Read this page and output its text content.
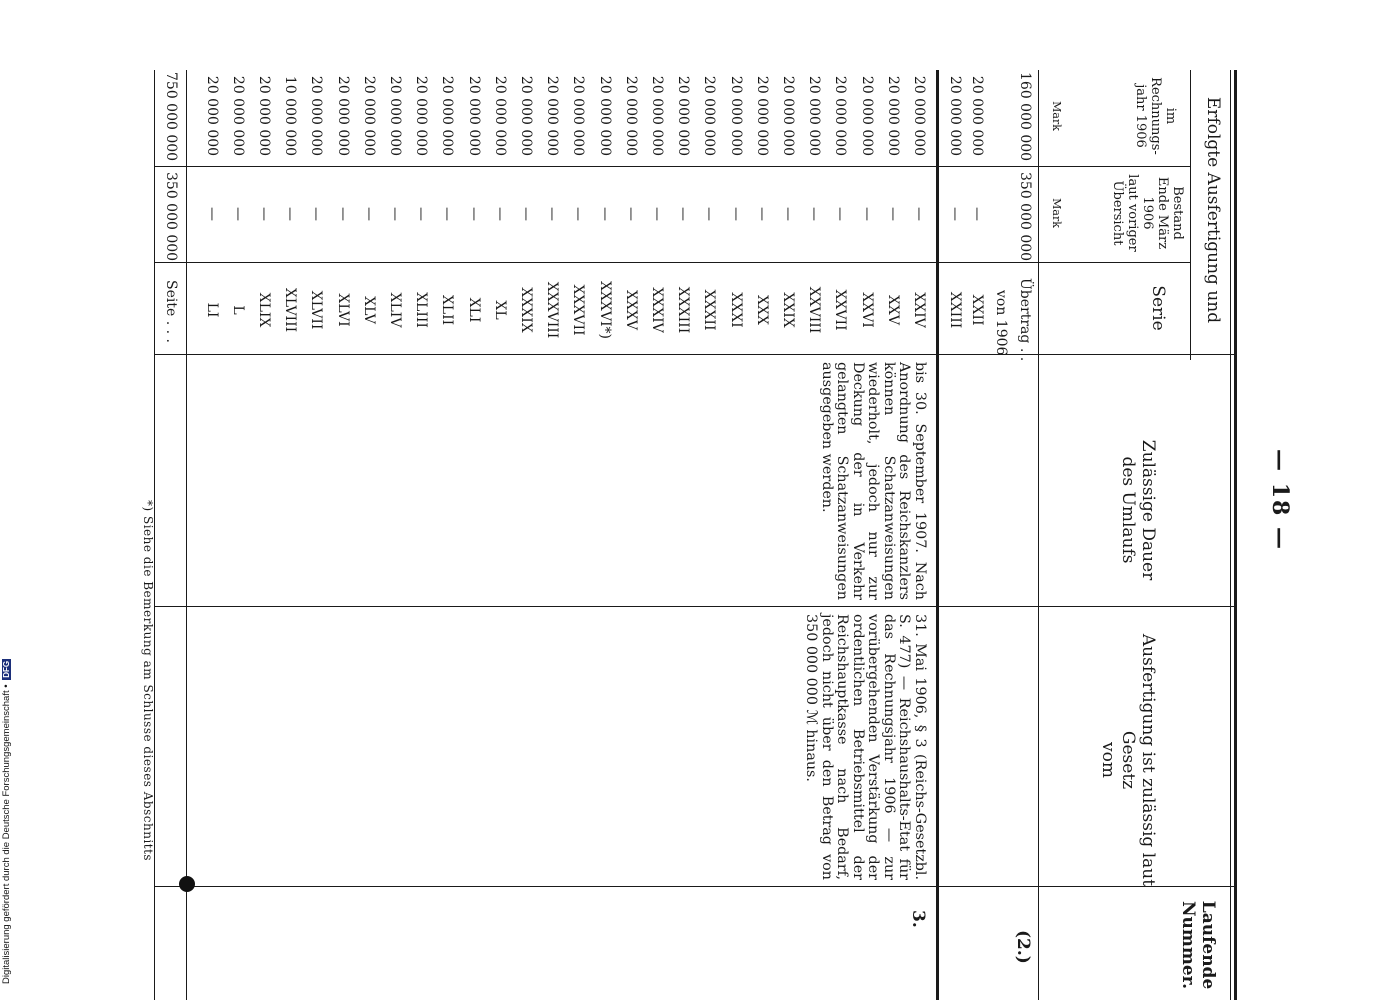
— 18 —
Erfolgte Ausfertigung und
im
Rechnungs-
jahr 1906
Mark
Bestand
Ende März
1906
laut voriger
Übersicht
Mark
Serie
Zulässige Dauer
des Umlaufs
Ausfertigung ist zulässig laut Gesetz
vom
Laufende Nummer.
(2.)
Übertrag . .
350 000 000
160 000 000
von 1906
XXII
—
20 000 000
XXIII
—
20 000 000
3.
31. Mai 1906, § 3 (Reichs-Gesetzbl. S. 477) — Reichshaushalts-Etat für das Rechnungsjahr 1906 — zur vorübergehenden Verstärkung der ordentlichen Betriebsmittel der Reichshauptkasse nach Bedarf, jedoch nicht über den Betrag von 350 000 000 ℳ hinaus.
bis 30. September 1907. Nach Anordnung des Reichskanzlers können Schatzanweisungen wiederholt, jedoch nur zur Deckung der in Verkehr gelangten Schatzanweisungen ausgegeben werden.
XXIV
—
20 000 000
XXV
—
20 000 000
XXVI
—
20 000 000
XXVII
—
20 000 000
XXVIII
—
20 000 000
XXIX
—
20 000 000
XXX
—
20 000 000
XXXI
—
20 000 000
XXXII
—
20 000 000
XXXIII
—
20 000 000
XXXIV
—
20 000 000
XXXV
—
20 000 000
XXXVI*)
—
20 000 000
XXXVII
—
20 000 000
XXXVIII
—
20 000 000
XXXIX
—
20 000 000
XL
—
20 000 000
XLI
—
20 000 000
XLII
—
20 000 000
XLIII
—
20 000 000
XLIV
—
20 000 000
XLV
—
20 000 000
XLVI
—
20 000 000
XLVII
—
20 000 000
XLVIII
—
10 000 000
XLIX
—
20 000 000
L
—
20 000 000
LI
—
20 000 000
Seite . . .
350 000 000
750 000 000
*) Siehe die Bemerkung am Schlusse dieses Abschnitts
Digitalisierung gefördert durch die Deutsche Forschungsgemeinschaft • DFG
